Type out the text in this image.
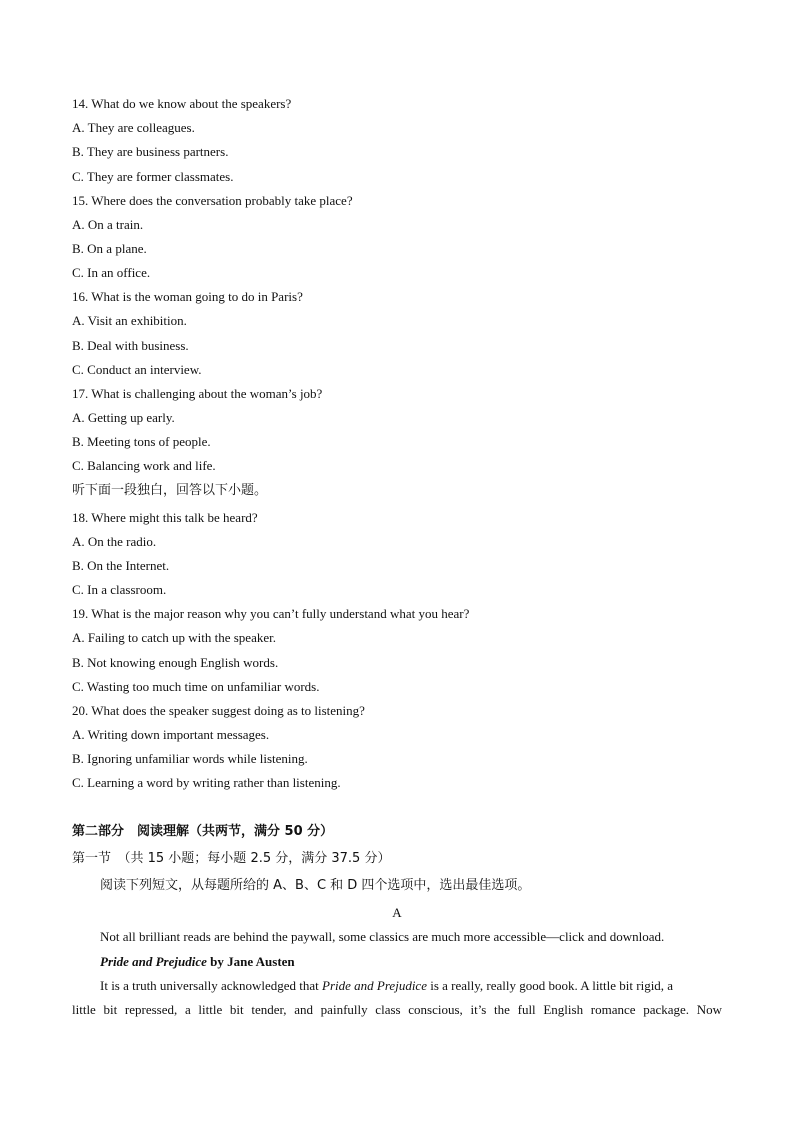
14. What do we know about the speakers?
A. They are colleagues.
B. They are business partners.
C. They are former classmates.
15. Where does the conversation probably take place?
A. On a train.
B. On a plane.
C. In an office.
16. What is the woman going to do in Paris?
A. Visit an exhibition.
B. Deal with business.
C. Conduct an interview.
17. What is challenging about the woman’s job?
A. Getting up early.
B. Meeting tons of people.
C. Balancing work and life.
听下面一段独白，回答以下小题。
18. Where might this talk be heard?
A. On the radio.
B. On the Internet.
C. In a classroom.
19. What is the major reason why you can’t fully understand what you hear?
A. Failing to catch up with the speaker.
B. Not knowing enough English words.
C. Wasting too much time on unfamiliar words.
20. What does the speaker suggest doing as to listening?
A. Writing down important messages.
B. Ignoring unfamiliar words while listening.
C. Learning a word by writing rather than listening.
第二部分　阅读理解（共两节，满分 50 分）
第一节　（共 15 小题；每小题 2.5 分，满分 37.5 分）
阅读下列短文，从每题所给的 A、B、C 和 D 四个选项中，选出最佳选项。
A
Not all brilliant reads are behind the paywall, some classics are much more accessible—click and download.
Pride and Prejudice by Jane Austen
It is a truth universally acknowledged that Pride and Prejudice is a really, really good book. A little bit rigid, a
little bit repressed, a little bit tender, and painfully class conscious, it’s the full English romance package. Now
